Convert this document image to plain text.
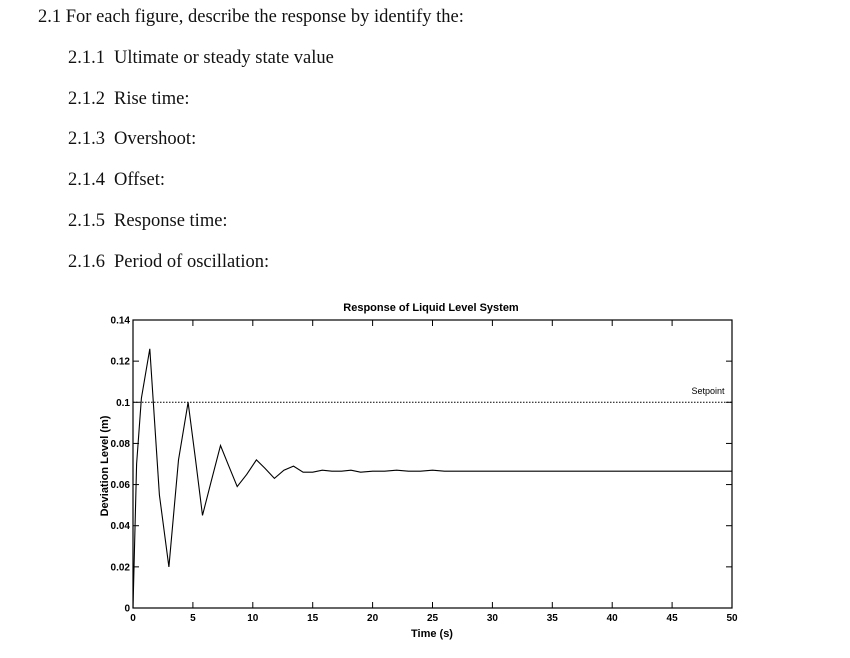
2.1 For each figure, describe the response by identify the:
2.1.1 Ultimate or steady state value
2.1.2 Rise time:
2.1.3 Overshoot:
2.1.4 Offset:
2.1.5 Response time:
2.1.6 Period of oscillation:
Response of Liquid Level System
Time (s)
Deviation Level (m)
0	5	10	15	20	25	30	35	40	45	50
0
0.02
0.04
0.06
0.08
0.1
0.12
0.14
Setpoint
